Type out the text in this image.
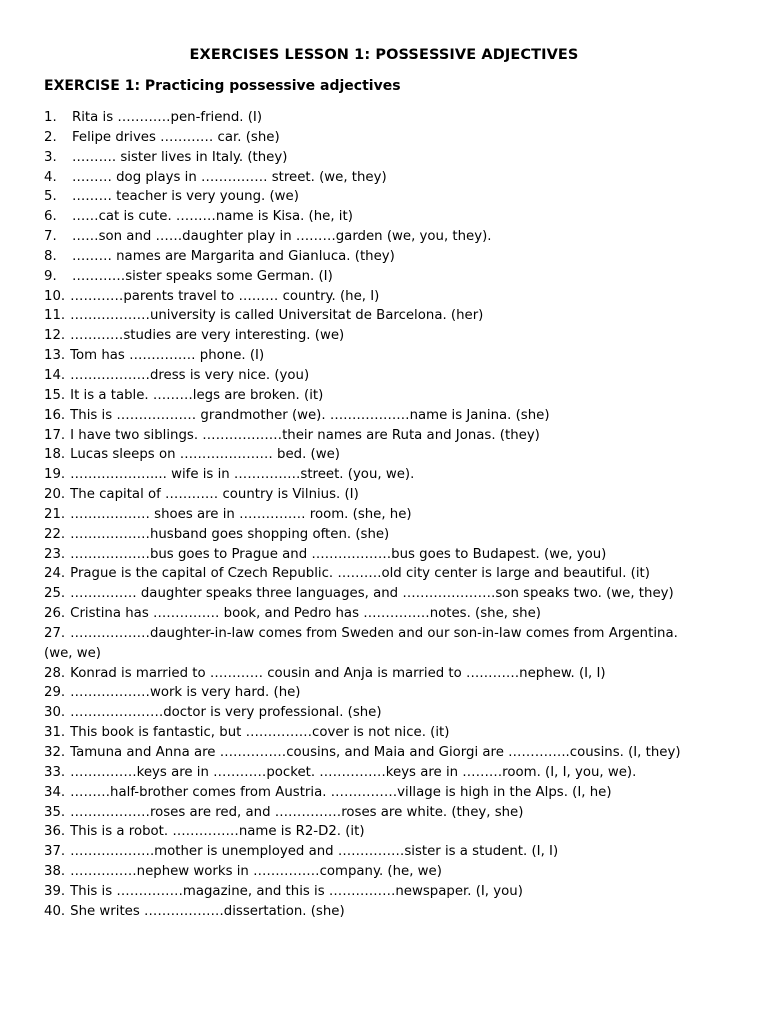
EXERCISES LESSON 1: POSSESSIVE ADJECTIVES
EXERCISE 1: Practicing possessive adjectives
1. Rita is …………pen-friend. (I)
2. Felipe drives ………… car. (she)
3. ………. sister lives in Italy. (they)
4. ……… dog plays in …………… street. (we, they)
5. ……… teacher is very young. (we)
6. ……cat is cute. ………name is Kisa. (he, it)
7. ……son and ……daughter play in ………garden (we, you, they).
8. ……… names are Margarita and Gianluca. (they)
9. …………sister speaks some German. (I)
10. …………parents travel to ……… country. (he, I)
11. ………………university is called Universitat de Barcelona. (her)
12. …………studies are very interesting. (we)
13. Tom has …………… phone. (I)
14. ………………dress is very nice. (you)
15. It is a table. ………legs are broken. (it)
16. This is ……………… grandmother (we). ………………name is Janina. (she)
17. I have two siblings. ………………their names are Ruta and Jonas. (they)
18. Lucas sleeps on ………………… bed. (we)
19. ……………….... wife is in ……………street. (you, we).
20. The capital of ………… country is Vilnius. (I)
21. ……………… shoes are in …………… room. (she, he)
22. ………………husband goes shopping often. (she)
23. ………………bus goes to Prague and ………………bus goes to Budapest. (we, you)
24. Prague is the capital of Czech Republic. ……….old city center is large and beautiful. (it)
25. …………… daughter speaks three languages, and …………………son speaks two. (we, they)
26. Cristina has …………… book, and Pedro has ……………notes. (she, she)
27. ………………daughter-in-law comes from Sweden and our son-in-law comes from Argentina.
(we, we)
28. Konrad is married to ………… cousin and Anja is married to …………nephew. (I, I)
29. ………………work is very hard. (he)
30. …………………doctor is very professional. (she)
31. This book is fantastic, but ……………cover is not nice. (it)
32. Tamuna and Anna are ……………cousins, and Maia and Giorgi are …………..cousins. (I, they)
33. ……………keys are in …………pocket. ……………keys are in ………room. (I, I, you, we).
34. ………half-brother comes from Austria. ……………village is high in the Alps. (I, he)
35. ………………roses are red, and ……………roses are white. (they, she)
36. This is a robot. ……………name is R2-D2. (it)
37. ……………….mother is unemployed and ……………sister is a student. (I, I)
38. ……………nephew works in ……………company. (he, we)
39. This is ……………magazine, and this is ……………newspaper. (I, you)
40. She writes ………………dissertation. (she)
